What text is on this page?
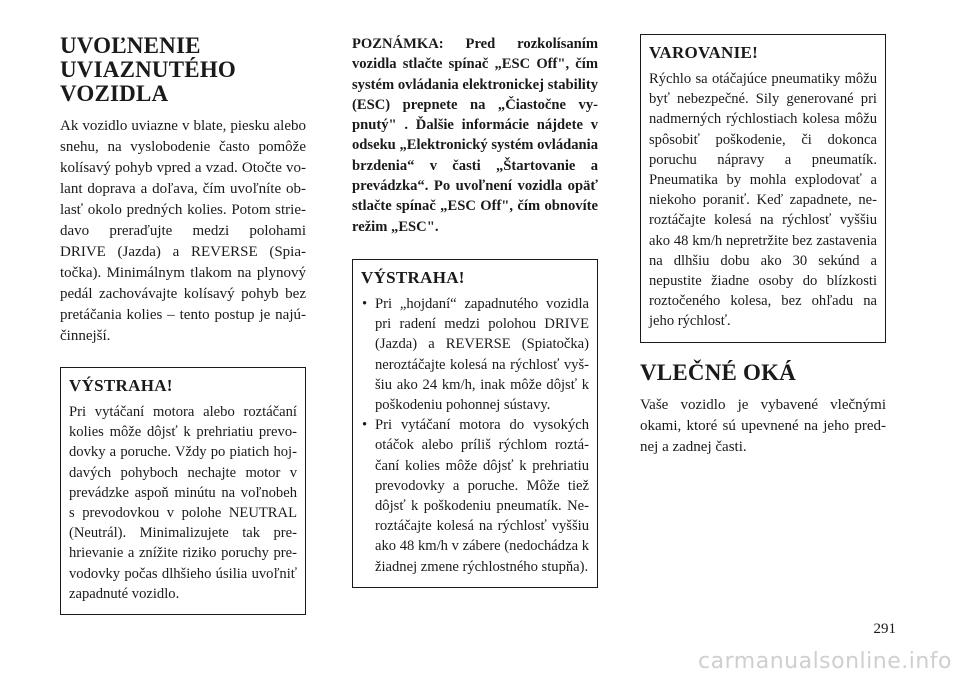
UVOĽNENIE
UVIAZNUTÉHO
VOZIDLA

Ak vozidlo uviazne v blate, piesku alebo snehu, na vyslobodenie často pomôže kolísavý pohyb vpred a vzad. Otočte volant doprava a doľava, čím uvoľníte oblasť okolo predných kolies. Potom striedavo preraďujte medzi polohami DRIVE (Jazda) a REVERSE (Spiatočka). Minimálnym tlakom na plynový pedál zachovávajte kolísavý pohyb bez pretáčania kolies – tento postup je najúčinnejší.

VÝSTRAHA!

Pri vytáčaní motora alebo roztáčaní kolies môže dôjsť k prehriatiu prevodovky a poruche. Vždy po piatich hojdavých pohyboch nechajte motor v prevádzke aspoň minútu na voľnobeh s prevodovkou v polohe NEUTRAL (Neutrál). Minimalizujete tak prehrievanie a znížite riziko poruchy prevodovky počas dlhšieho úsilia uvoľniť zapadnuté vozidlo.

POZNÁMKA: Pred rozkolísaním vozidla stlačte spínač „ESC Off", čím systém ovládania elektronickej stability (ESC) prepnete na „Čiastočne vypnutý" . Ďalšie informácie nájdete v odseku „Elektronický systém ovládania brzdenia“ v časti „Štartovanie a prevádzka“. Po uvoľnení vozidla opäť stlačte spínač „ESC Off", čím obnovíte režim „ESC".

VÝSTRAHA!
• Pri „hojdaní“ zapadnutého vozidla pri radení medzi polohou DRIVE (Jazda) a REVERSE (Spiatočka) neroztáčajte kolesá na rýchlosť vyššiu ako 24 km/h, inak môže dôjsť k poškodeniu pohonnej sústavy.
• Pri vytáčaní motora do vysokých otáčok alebo príliš rýchlom roztáčaní kolies môže dôjsť k prehriatiu prevodovky a poruche. Môže tiež dôjsť k poškodeniu pneumatík. Neroztáčajte kolesá na rýchlosť vyššiu ako 48 km/h v zábere (nedochádza k žiadnej zmene rýchlostného stupňa).
VAROVANIE!

Rýchlo sa otáčajúce pneumatiky môžu byť nebezpečné. Sily generované pri nadmerných rýchlostiach kolesa môžu spôsobiť poškodenie, či dokonca poruchu nápravy a pneumatík. Pneumatika by mohla explodovať a niekoho poraniť. Keď zapadnete, neroztáčajte kolesá na rýchlosť vyššiu ako 48 km/h nepretržite bez zastavenia na dlhšiu dobu ako 30 sekúnd a nepustite žiadne osoby do blízkosti roztočeného kolesa, bez ohľadu na jeho rýchlosť.

VLEČNÉ OKÁ

Vaše vozidlo je vybavené vlečnými okami, ktoré sú upevnené na jeho prednej a zadnej časti.

291
carmanualsonline.info
